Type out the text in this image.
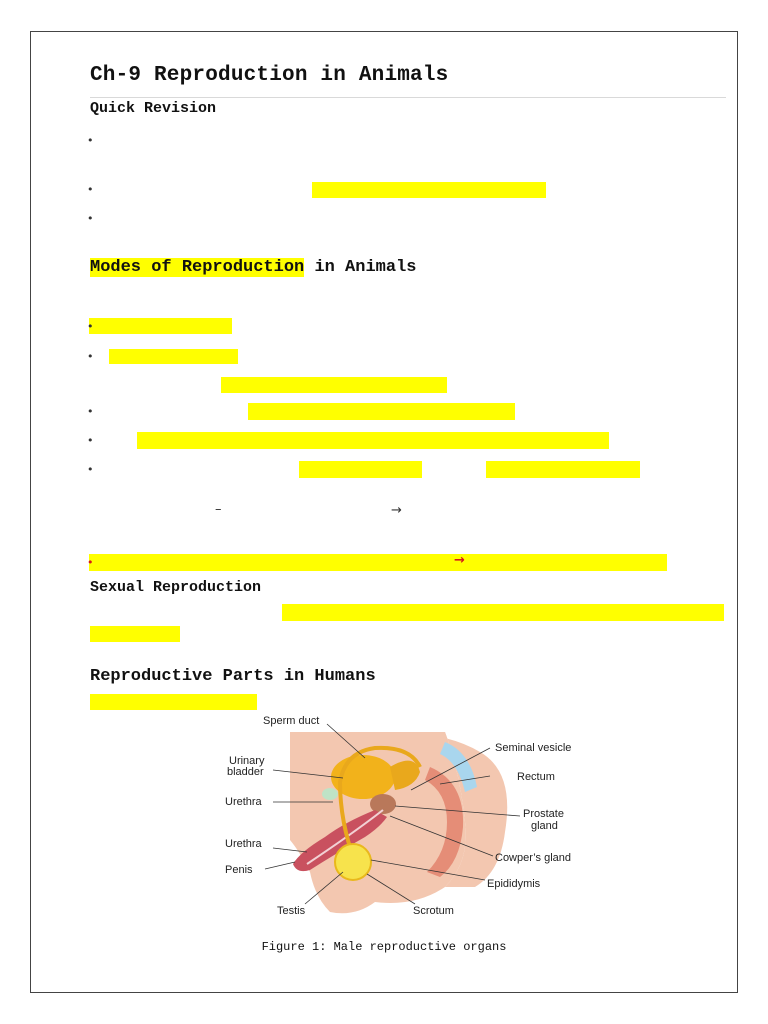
Ch-9 Reproduction in Animals
Quick Revision
•
•
•
Modes of Reproduction in Animals
•
•
•
•
•
–	→
•	→
Sexual Reproduction
Reproductive Parts in Humans
Sperm duct
Urinary
bladder
Urethra
Urethra
Penis
Testis	Scrotum
Seminal vesicle
Rectum
Prostate
gland
Cowper’s gland
Epididymis
Figure 1: Male reproductive organs
